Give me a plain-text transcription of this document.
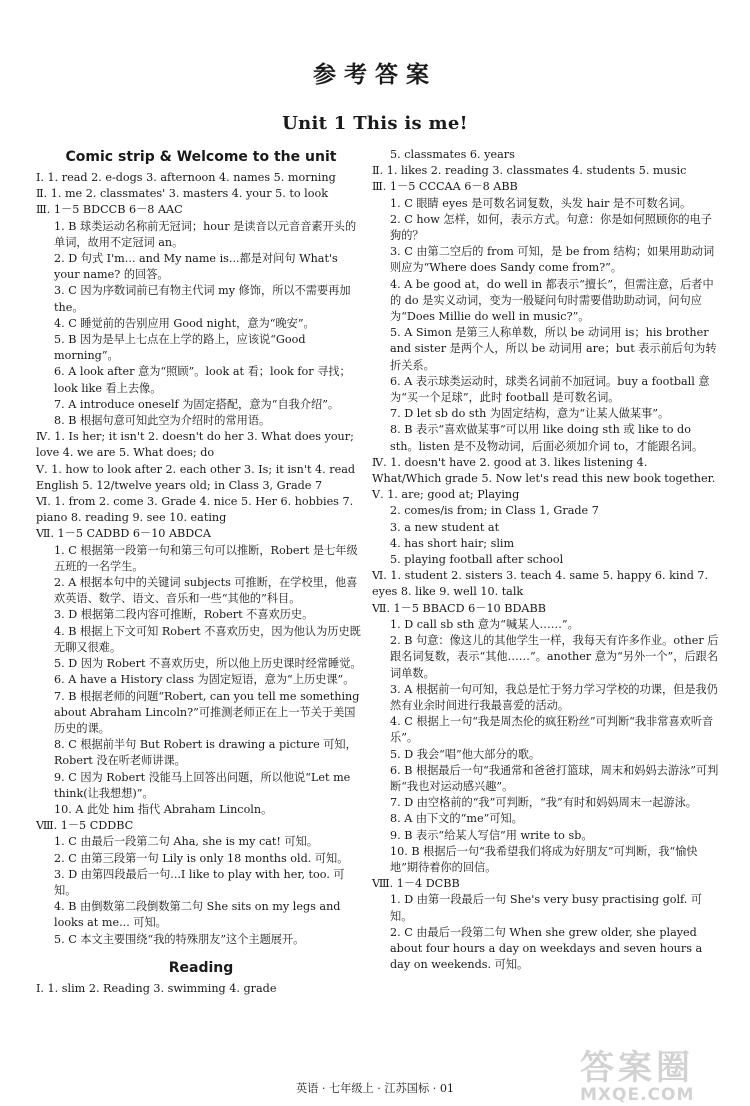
参考答案
Unit 1 This is me!
Comic strip & Welcome to the unit
Ⅰ. 1. read 2. e-dogs 3. afternoon 4. names 5. morning
Ⅱ. 1. me 2. classmates' 3. masters 4. your 5. to look
Ⅲ. 1－5 BDCCB 6－8 AAC
1. B 球类运动名称前无冠词；hour 是读音以元音音素开头的单词，故用不定冠词 an。
2. D 句式 I'm... and My name is...都是对问句 What's your name? 的回答。
3. C 因为序数词前已有物主代词 my 修饰，所以不需要再加 the。
4. C 睡觉前的告别应用 Good night，意为“晚安”。
5. B 因为是早上七点在上学的路上，应该说“Good morning”。
6. A look after 意为“照顾”。look at 看；look for 寻找；look like 看上去像。
7. A introduce oneself 为固定搭配，意为“自我介绍”。
8. B 根据句意可知此空为介绍时的常用语。
Ⅳ. 1. Is her; it isn't 2. doesn't do her 3. What does your; love 4. we are 5. What does; do
Ⅴ. 1. how to look after 2. each other 3. Is; it isn't 4. read English 5. 12/twelve years old; in Class 3, Grade 7
Ⅵ. 1. from 2. come 3. Grade 4. nice 5. Her 6. hobbies 7. piano 8. reading 9. see 10. eating
Ⅶ. 1－5 CADBD 6－10 ABDCA
1. C 根据第一段第一句和第三句可以推断，Robert 是七年级五班的一名学生。
2. A 根据本句中的关键词 subjects 可推断，在学校里，他喜欢英语、数学、语文、音乐和一些“其他的”科目。
3. D 根据第二段内容可推断，Robert 不喜欢历史。
4. B 根据上下文可知 Robert 不喜欢历史，因为他认为历史既无聊又很难。
5. D 因为 Robert 不喜欢历史，所以他上历史课时经常睡觉。
6. A have a History class 为固定短语，意为“上历史课”。
7. B 根据老师的问题“Robert, can you tell me something about Abraham Lincoln?”可推测老师正在上一节关于美国历史的课。
8. C 根据前半句 But Robert is drawing a picture 可知，Robert 没在听老师讲课。
9. C 因为 Robert 没能马上回答出问题，所以他说“Let me think(让我想想)”。
10. A 此处 him 指代 Abraham Lincoln。
Ⅷ. 1－5 CDDBC
1. C 由最后一段第二句 Aha, she is my cat! 可知。
2. C 由第三段第一句 Lily is only 18 months old. 可知。
3. D 由第四段最后一句...I like to play with her, too. 可知。
4. B 由倒数第二段倒数第二句 She sits on my legs and looks at me... 可知。
5. C 本文主要围绕“我的特殊朋友”这个主题展开。
Reading
Ⅰ. 1. slim 2. Reading 3. swimming 4. grade
5. classmates 6. years
Ⅱ. 1. likes 2. reading 3. classmates 4. students 5. music
Ⅲ. 1－5 CCCAA 6－8 ABB
1. C 眼睛 eyes 是可数名词复数，头发 hair 是不可数名词。
2. C how 怎样，如何，表示方式。句意：你是如何照顾你的电子狗的？
3. C 由第二空后的 from 可知，是 be from 结构；如果用助动词则应为“Where does Sandy come from?”。
4. A be good at，do well in 都表示“擅长”，但需注意，后者中的 do 是实义动词，变为一般疑问句时需要借助助动词，问句应为“Does Millie do well in music?”。
5. A Simon 是第三人称单数，所以 be 动词用 is；his brother and sister 是两个人，所以 be 动词用 are；but 表示前后句为转折关系。
6. A 表示球类运动时，球类名词前不加冠词。buy a football 意为“买一个足球”，此时 football 是可数名词。
7. D let sb do sth 为固定结构，意为“让某人做某事”。
8. B 表示“喜欢做某事”可以用 like doing sth 或 like to do sth。listen 是不及物动词，后面必须加介词 to，才能跟名词。
Ⅳ. 1. doesn't have 2. good at 3. likes listening 4. What/Which grade 5. Now let's read this new book together.
Ⅴ. 1. are; good at; Playing
2. comes/is from; in Class 1, Grade 7
3. a new student at
4. has short hair; slim
5. playing football after school
Ⅵ. 1. student 2. sisters 3. teach 4. same 5. happy 6. kind 7. eyes 8. like 9. well 10. talk
Ⅶ. 1－5 BBACD 6－10 BDABB
1. D call sb sth 意为“喊某人……”。
2. B 句意：像这儿的其他学生一样，我每天有许多作业。other 后跟名词复数，表示“其他……”。another 意为“另外一个”，后跟名词单数。
3. A 根据前一句可知，我总是忙于努力学习学校的功课，但是我仍然有业余时间进行我最喜爱的活动。
4. C 根据上一句“我是周杰伦的疯狂粉丝”可判断“我非常喜欢听音乐”。
5. D 我会“唱”他大部分的歌。
6. B 根据最后一句“我通常和爸爸打篮球，周末和妈妈去游泳”可判断“我也对运动感兴趣”。
7. D 由空格前的“我”可判断，“我”有时和妈妈周末一起游泳。
8. A 由下文的“me”可知。
9. B 表示“给某人写信”用 write to sb。
10. B 根据后一句“我希望我们将成为好朋友”可判断，我“愉快地”期待着你的回信。
Ⅷ. 1－4 DCBB
1. D 由第一段最后一句 She's very busy practising golf. 可知。
2. C 由最后一段第二句 When she grew older, she played about four hours a day on weekdays and seven hours a day on weekends. 可知。
英语 · 七年级上 · 江苏国标 · 01
答案圈
MXQE.COM
